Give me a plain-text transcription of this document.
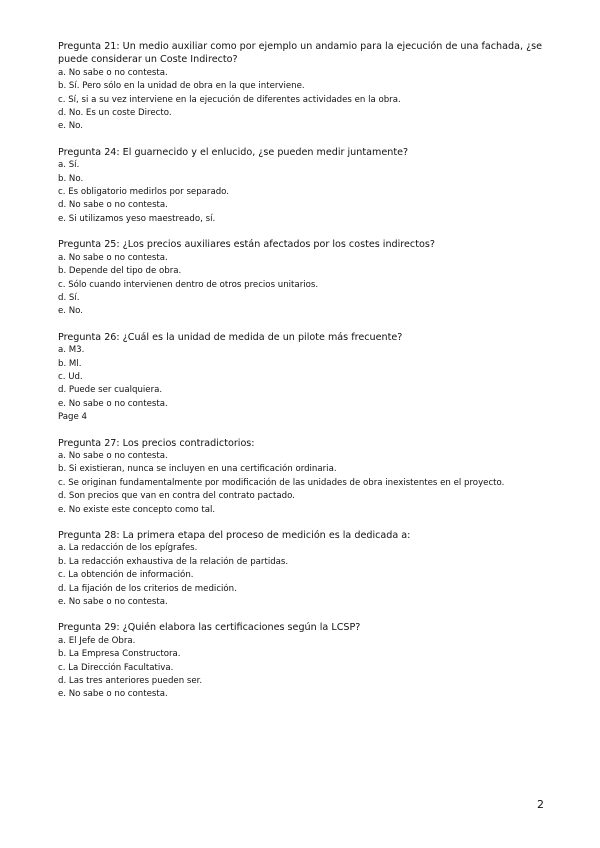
Pregunta 21: Un medio auxiliar como por ejemplo un andamio para la ejecución de una fachada, ¿se puede considerar un Coste Indirecto?

a. No sabe o no contesta.

b. Sí. Pero sólo en la unidad de obra en la que interviene.

c. Sí, si a su vez interviene en la ejecución de diferentes actividades en la obra.

d. No. Es un coste Directo.

e. No.

Pregunta 24: El guarnecido y el enlucido, ¿se pueden medir juntamente?

a. Sí.

b. No.

c. Es obligatorio medirlos por separado.

d. No sabe o no contesta.

e. Si utilizamos yeso maestreado, sí.

Pregunta 25: ¿Los precios auxiliares están afectados por los costes indirectos?

a. No sabe o no contesta.

b. Depende del tipo de obra.

c. Sólo cuando intervienen dentro de otros precios unitarios.

d. Sí.

e. No.

Pregunta 26: ¿Cuál es la unidad de medida de un pilote más frecuente?

a. M3.

b. Ml.

c. Ud.

d. Puede ser cualquiera.

e. No sabe o no contesta.

Page 4

Pregunta 27: Los precios contradictorios:

a. No sabe o no contesta.

b. Si existieran, nunca se incluyen en una certificación ordinaria.

c. Se originan fundamentalmente por modificación de las unidades de obra inexistentes en el proyecto.

d. Son precios que van en contra del contrato pactado.

e. No existe este concepto como tal.

Pregunta 28: La primera etapa del proceso de medición es la dedicada a:

a. La redacción de los epígrafes.

b. La redacción exhaustiva de la relación de partidas.

c. La obtención de información.

d. La fijación de los criterios de medición.

e. No sabe o no contesta.

Pregunta 29: ¿Quién elabora las certificaciones según la LCSP?

a. El Jefe de Obra.

b. La Empresa Constructora.

c. La Dirección Facultativa.

d. Las tres anteriores pueden ser.

e. No sabe o no contesta.

2
